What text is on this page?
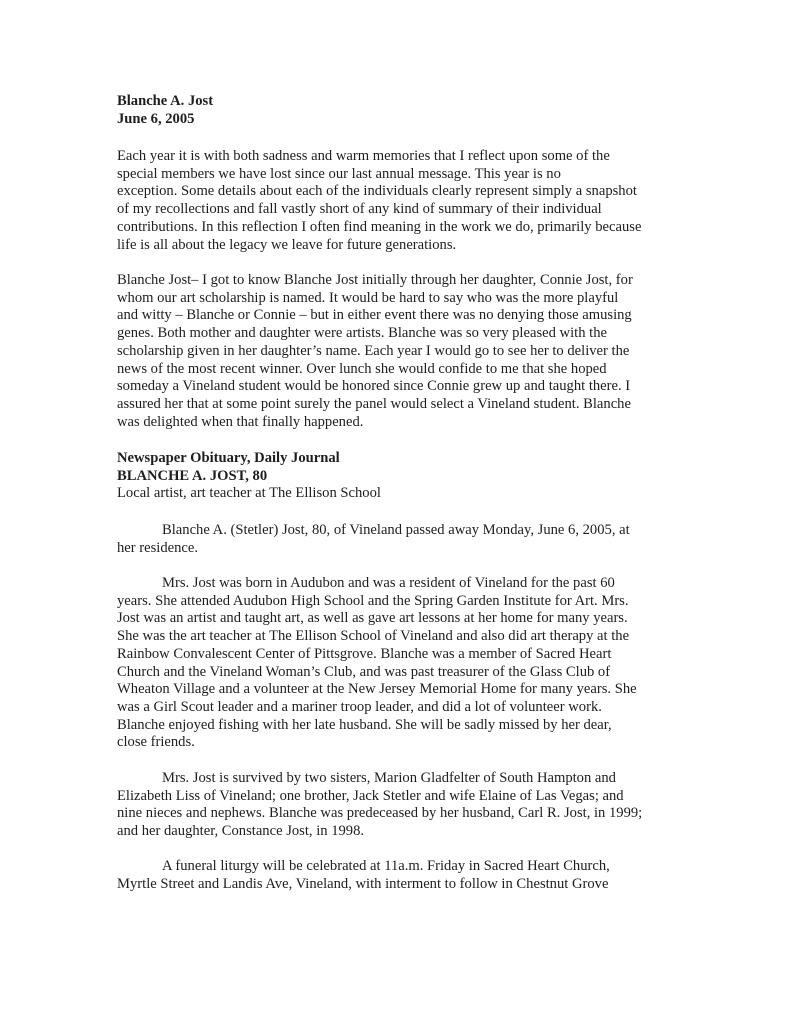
Blanche A. Jost
June 6, 2005
Each year it is with both sadness and warm memories that I reflect upon some of the
special members we have lost since our last annual message. This year is no
exception. Some details about each of the individuals clearly represent simply a snapshot
of my recollections and fall vastly short of any kind of summary of their individual
contributions. In this reflection I often find meaning in the work we do, primarily because
life is all about the legacy we leave for future generations.
Blanche Jost– I got to know Blanche Jost initially through her daughter, Connie Jost, for
whom our art scholarship is named. It would be hard to say who was the more playful
and witty – Blanche or Connie – but in either event there was no denying those amusing
genes. Both mother and daughter were artists. Blanche was so very pleased with the
scholarship given in her daughter’s name. Each year I would go to see her to deliver the
news of the most recent winner. Over lunch she would confide to me that she hoped
someday a Vineland student would be honored since Connie grew up and taught there. I
assured her that at some point surely the panel would select a Vineland student. Blanche
was delighted when that finally happened.
Newspaper Obituary, Daily Journal
BLANCHE A. JOST, 80
Local artist, art teacher at The Ellison School
Blanche A. (Stetler) Jost, 80, of Vineland passed away Monday, June 6, 2005, at
her residence.
Mrs. Jost was born in Audubon and was a resident of Vineland for the past 60
years. She attended Audubon High School and the Spring Garden Institute for Art. Mrs.
Jost was an artist and taught art, as well as gave art lessons at her home for many years.
She was the art teacher at The Ellison School of Vineland and also did art therapy at the
Rainbow Convalescent Center of Pittsgrove. Blanche was a member of Sacred Heart
Church and the Vineland Woman’s Club, and was past treasurer of the Glass Club of
Wheaton Village and a volunteer at the New Jersey Memorial Home for many years. She
was a Girl Scout leader and a mariner troop leader, and did a lot of volunteer work.
Blanche enjoyed fishing with her late husband. She will be sadly missed by her dear,
close friends.
Mrs. Jost is survived by two sisters, Marion Gladfelter of South Hampton and
Elizabeth Liss of Vineland; one brother, Jack Stetler and wife Elaine of Las Vegas; and
nine nieces and nephews. Blanche was predeceased by her husband, Carl R. Jost, in 1999;
and her daughter, Constance Jost, in 1998.
A funeral liturgy will be celebrated at 11a.m. Friday in Sacred Heart Church,
Myrtle Street and Landis Ave, Vineland, with interment to follow in Chestnut Grove
